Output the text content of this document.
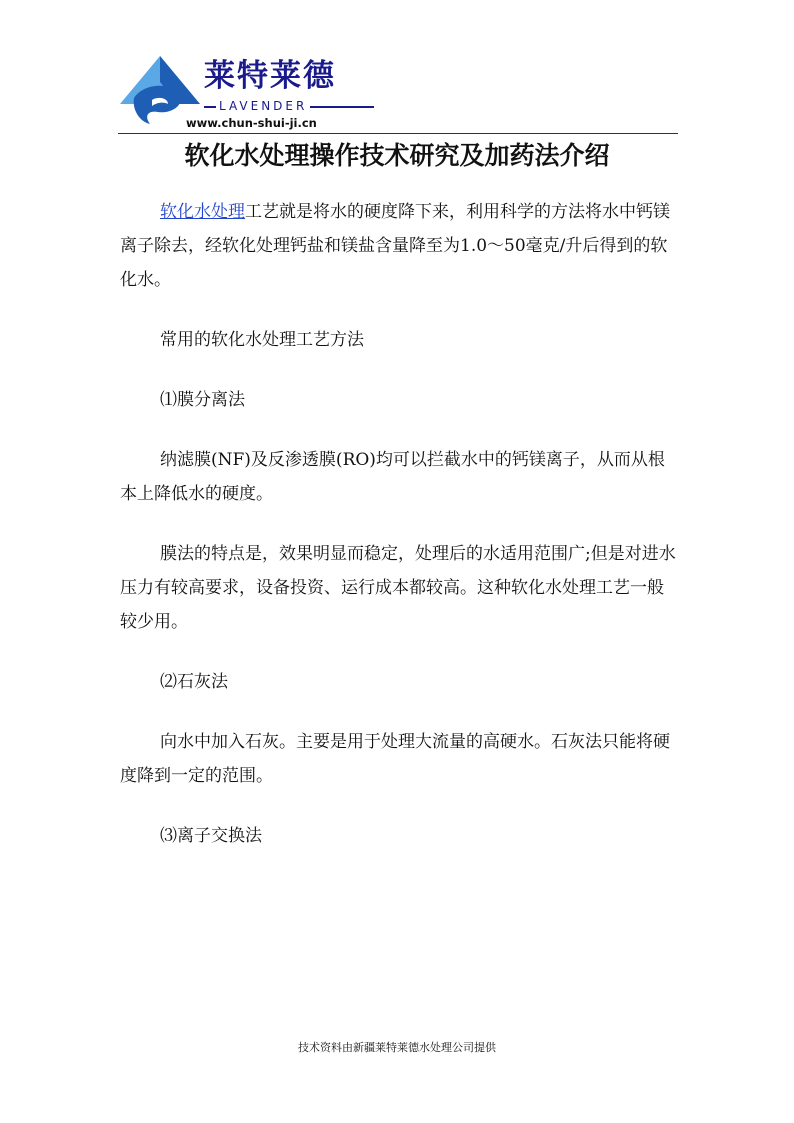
莱特莱德
LAVENDER
www.chun-shui-ji.cn
软化水处理操作技术研究及加药法介绍

软化水处理工艺就是将水的硬度降下来，利用科学的方法将水中钙镁离子除去，经软化处理钙盐和镁盐含量降至为1.0～50毫克/升后得到的软化水。

常用的软化水处理工艺方法

⑴膜分离法

纳滤膜(NF)及反渗透膜(RO)均可以拦截水中的钙镁离子，从而从根本上降低水的硬度。

膜法的特点是，效果明显而稳定，处理后的水适用范围广;但是对进水压力有较高要求，设备投资、运行成本都较高。这种软化水处理工艺一般较少用。

⑵石灰法

向水中加入石灰。主要是用于处理大流量的高硬水。石灰法只能将硬度降到一定的范围。

⑶离子交换法

技术资料由新疆莱特莱德水处理公司提供
